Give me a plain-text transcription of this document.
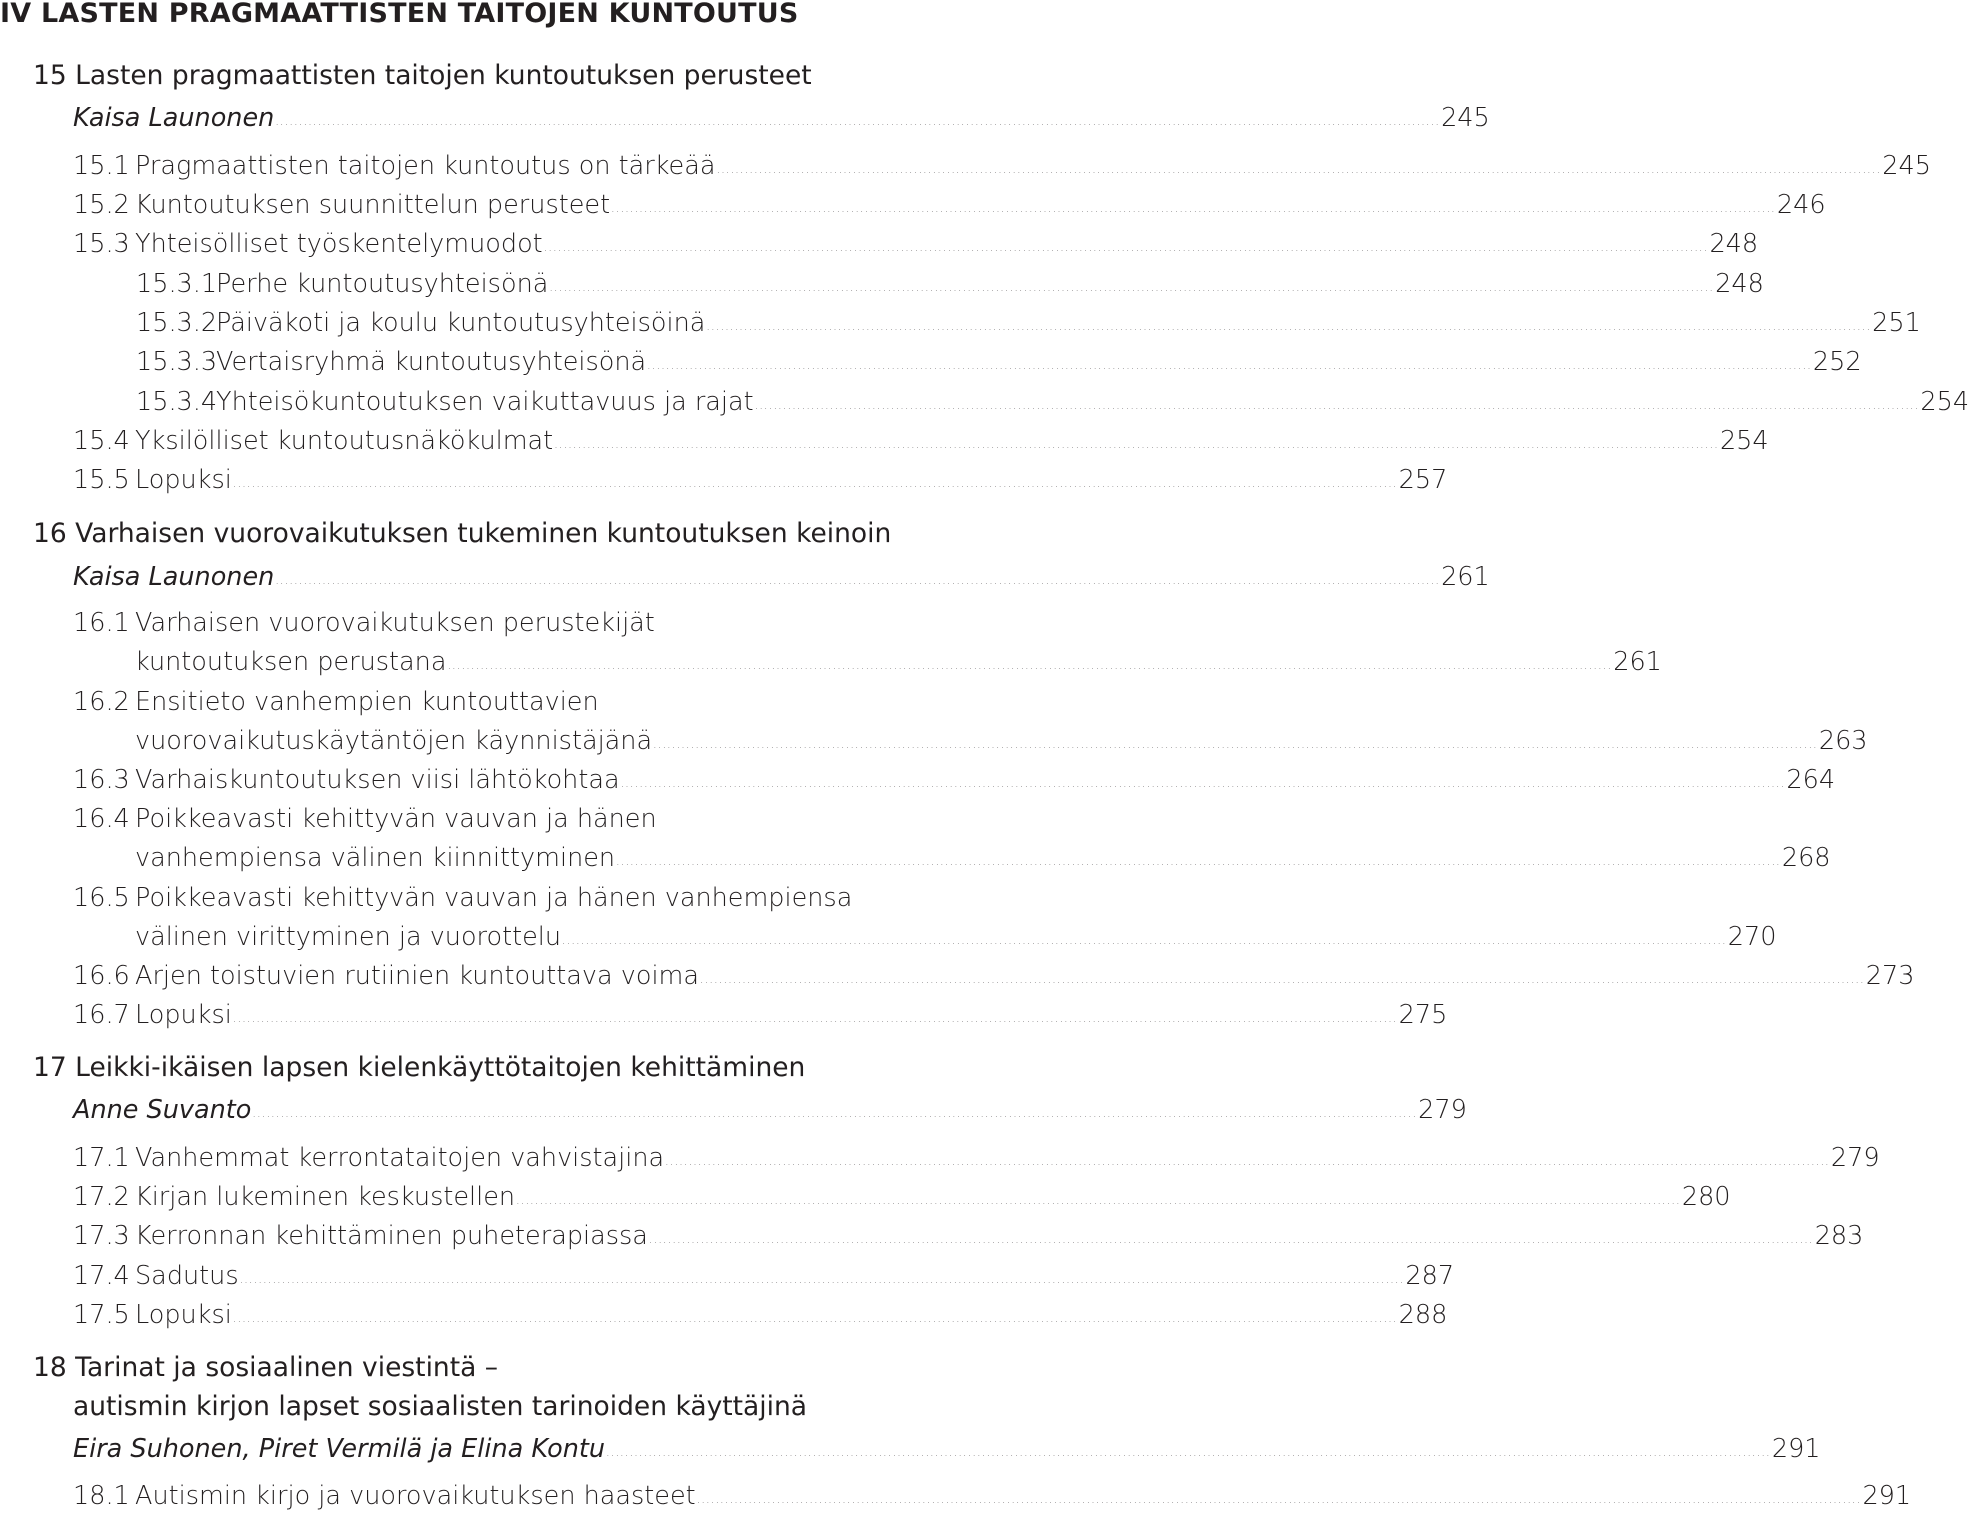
IV LASTEN PRAGMAATTISTEN TAITOJEN KUNTOUTUS
15 Lasten pragmaattisten taitojen kuntoutuksen perusteet
Kaisa Launonen ........................................................................................................................................................................................................................................................ 245
15.1 Pragmaattisten taitojen kuntoutus on tärkeää ........................................................................................................................................................................................................................................................ 245
15.2 Kuntoutuksen suunnittelun perusteet ........................................................................................................................................................................................................................................................ 246
15.3 Yhteisölliset työskentelymuodot ........................................................................................................................................................................................................................................................ 248
15.3.1
Perhe kuntoutusyhteisönä ........................................................................................................................................................................................................................................................ 248
15.3.2
Päiväkoti ja koulu kuntoutusyhteisöinä ........................................................................................................................................................................................................................................................ 251
15.3.3
Vertaisryhmä kuntoutusyhteisönä ........................................................................................................................................................................................................................................................ 252
15.3.4
Yhteisökuntoutuksen vaikuttavuus ja rajat ........................................................................................................................................................................................................................................................ 254
15.4 Yksilölliset kuntoutusnäkökulmat ........................................................................................................................................................................................................................................................ 254
15.5 Lopuksi ........................................................................................................................................................................................................................................................ 257
16 Varhaisen vuorovaikutuksen tukeminen kuntoutuksen keinoin
Kaisa Launonen ........................................................................................................................................................................................................................................................ 261
16.1 Varhaisen vuorovaikutuksen perustekijät
kuntoutuksen perustana ........................................................................................................................................................................................................................................................ 261
16.2 Ensitieto vanhempien kuntouttavien
vuorovaikutuskäytäntöjen käynnistäjänä ........................................................................................................................................................................................................................................................ 263
16.3 Varhaiskuntoutuksen viisi lähtökohtaa ........................................................................................................................................................................................................................................................ 264
16.4 Poikkeavasti kehittyvän vauvan ja hänen
vanhempiensa välinen kiinnittyminen ........................................................................................................................................................................................................................................................ 268
16.5 Poikkeavasti kehittyvän vauvan ja hänen vanhempiensa
välinen virittyminen ja vuorottelu ........................................................................................................................................................................................................................................................ 270
16.6 Arjen toistuvien rutiinien kuntouttava voima ........................................................................................................................................................................................................................................................ 273
16.7 Lopuksi ........................................................................................................................................................................................................................................................ 275
17 Leikki-ikäisen lapsen kielenkäyttötaitojen kehittäminen
Anne Suvanto ........................................................................................................................................................................................................................................................ 279
17.1 Vanhemmat kerrontataitojen vahvistajina ........................................................................................................................................................................................................................................................ 279
17.2 Kirjan lukeminen keskustellen ........................................................................................................................................................................................................................................................ 280
17.3 Kerronnan kehittäminen puheterapiassa ........................................................................................................................................................................................................................................................ 283
17.4 Sadutus ........................................................................................................................................................................................................................................................ 287
17.5 Lopuksi ........................................................................................................................................................................................................................................................ 288
18 Tarinat ja sosiaalinen viestintä –
autismin kirjon lapset sosiaalisten tarinoiden käyttäjinä
Eira Suhonen, Piret Vermilä ja Elina Kontu ........................................................................................................................................................................................................................................................ 291
18.1 Autismin kirjo ja vuorovaikutuksen haasteet ........................................................................................................................................................................................................................................................ 291
